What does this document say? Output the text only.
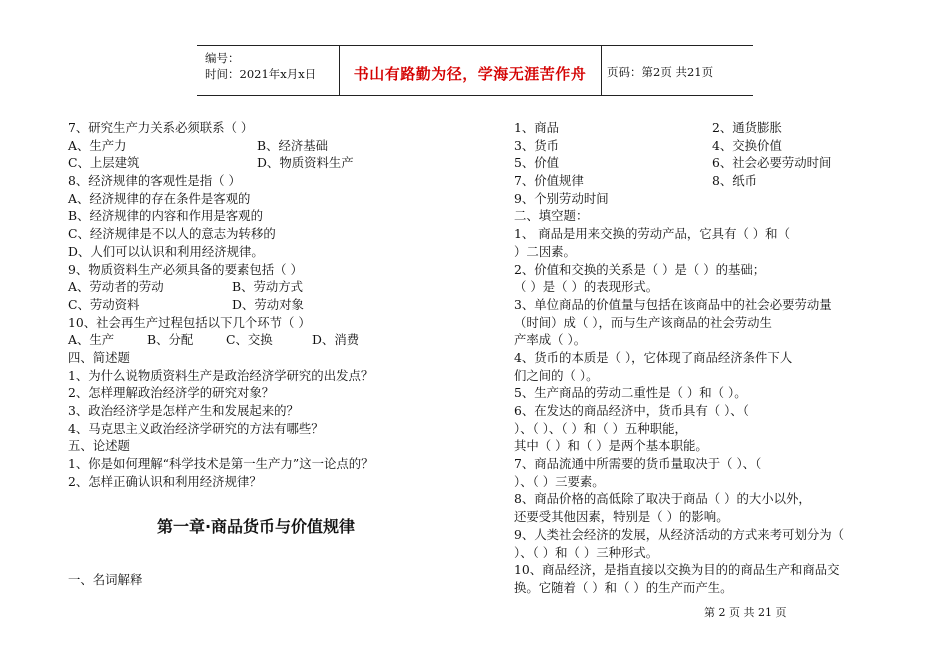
编号：
时间：2021年x月x日	书山有路勤为径，学海无涯苦作舟	页码：第2页 共21页
7、研究生产力关系必须联系（ ）
A、生产力	B、经济基础
C、上层建筑	D、物质资料生产
8、经济规律的客观性是指（ ）
A、经济规律的存在条件是客观的
B、经济规律的内容和作用是客观的
C、经济规律是不以人的意志为转移的
D、人们可以认识和利用经济规律。
9、物质资料生产必须具备的要素包括（ ）
A、劳动者的劳动	B、劳动方式
C、劳动资料	D、劳动对象
10、社会再生产过程包括以下几个环节（ ）
A、生产	B、分配	C、交换	D、消费
四、简述题
1、为什么说物质资料生产是政治经济学研究的出发点？
2、怎样理解政治经济学的研究对象？
3、政治经济学是怎样产生和发展起来的？
4、马克思主义政治经济学研究的方法有哪些？
五、论述题
1、你是如何理解“科学技术是第一生产力”这一论点的？
2、怎样正确认识和利用经济规律？
第一章·商品货币与价值规律
一、名词解释
1、商品	2、通货膨胀
3、货币	4、交换价值
5、价值	6、社会必要劳动时间
7、价值规律	8、纸币
9、个别劳动时间
二、填空题：
1、 商品是用来交换的劳动产品，它具有（ ）和（
）二因素。
2、价值和交换的关系是（ ）是（ ）的基础；
（ ）是（ ）的表现形式。
3、单位商品的价值量与包括在该商品中的社会必要劳动量
（时间）成（ ），而与生产该商品的社会劳动生
产率成（ ）。
4、货币的本质是（ ），它体现了商品经济条件下人
们之间的（ ）。
5、生产商品的劳动二重性是（ ）和（ ）。
6、在发达的商品经济中，货币具有（ ）、（
）、（ ）、（ ）和（ ）五种职能，
其中（ ）和（ ）是两个基本职能。
7、商品流通中所需要的货币量取决于（ ）、（
）、（ ）三要素。
8、商品价格的高低除了取决于商品（ ）的大小以外，
还要受其他因素，特别是（ ）的影响。
9、人类社会经济的发展，从经济活动的方式来考可划分为（
）、（ ）和（ ）三种形式。
10、商品经济，是指直接以交换为目的的商品生产和商品交
换。它随着（ ）和（ ）的生产而产生。
第 2 页 共 21 页
